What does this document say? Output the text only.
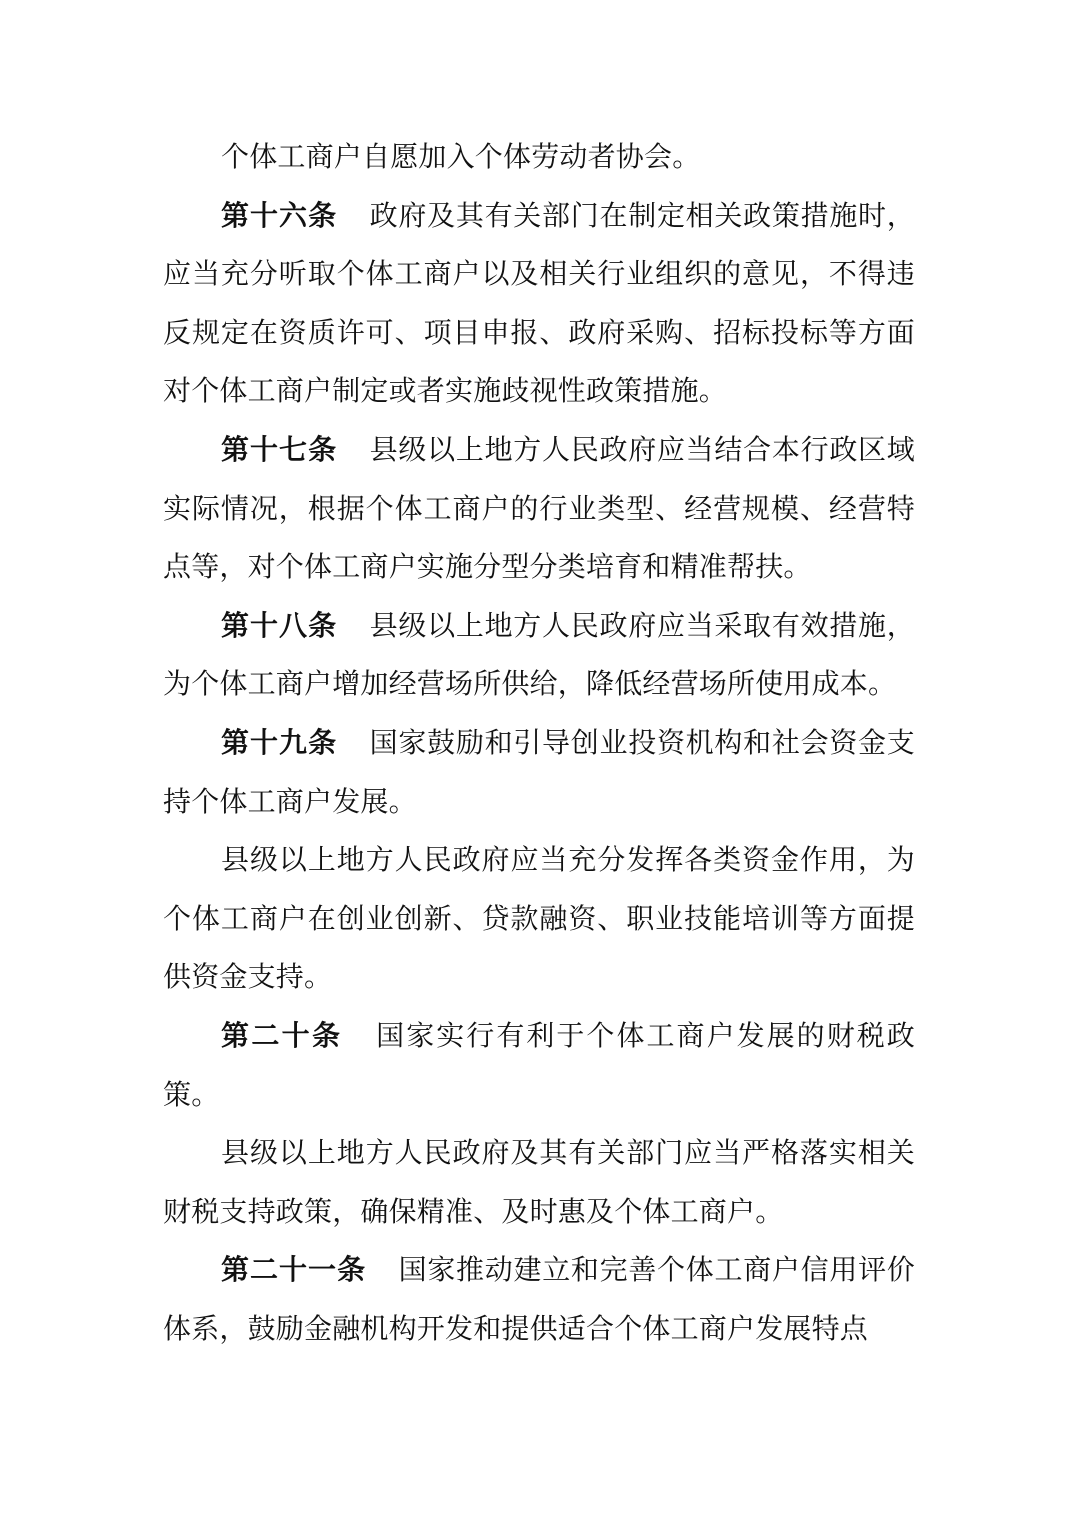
个体工商户自愿加入个体劳动者协会。

第十六条 政府及其有关部门在制定相关政策措施时，应当充分听取个体工商户以及相关行业组织的意见，不得违反规定在资质许可、项目申报、政府采购、招标投标等方面对个体工商户制定或者实施歧视性政策措施。

第十七条 县级以上地方人民政府应当结合本行政区域实际情况，根据个体工商户的行业类型、经营规模、经营特点等，对个体工商户实施分型分类培育和精准帮扶。

第十八条 县级以上地方人民政府应当采取有效措施，为个体工商户增加经营场所供给，降低经营场所使用成本。

第十九条 国家鼓励和引导创业投资机构和社会资金支持个体工商户发展。

县级以上地方人民政府应当充分发挥各类资金作用，为个体工商户在创业创新、贷款融资、职业技能培训等方面提供资金支持。

第二十条 国家实行有利于个体工商户发展的财税政策。

县级以上地方人民政府及其有关部门应当严格落实相关财税支持政策，确保精准、及时惠及个体工商户。

第二十一条 国家推动建立和完善个体工商户信用评价体系，鼓励金融机构开发和提供适合个体工商户发展特点
